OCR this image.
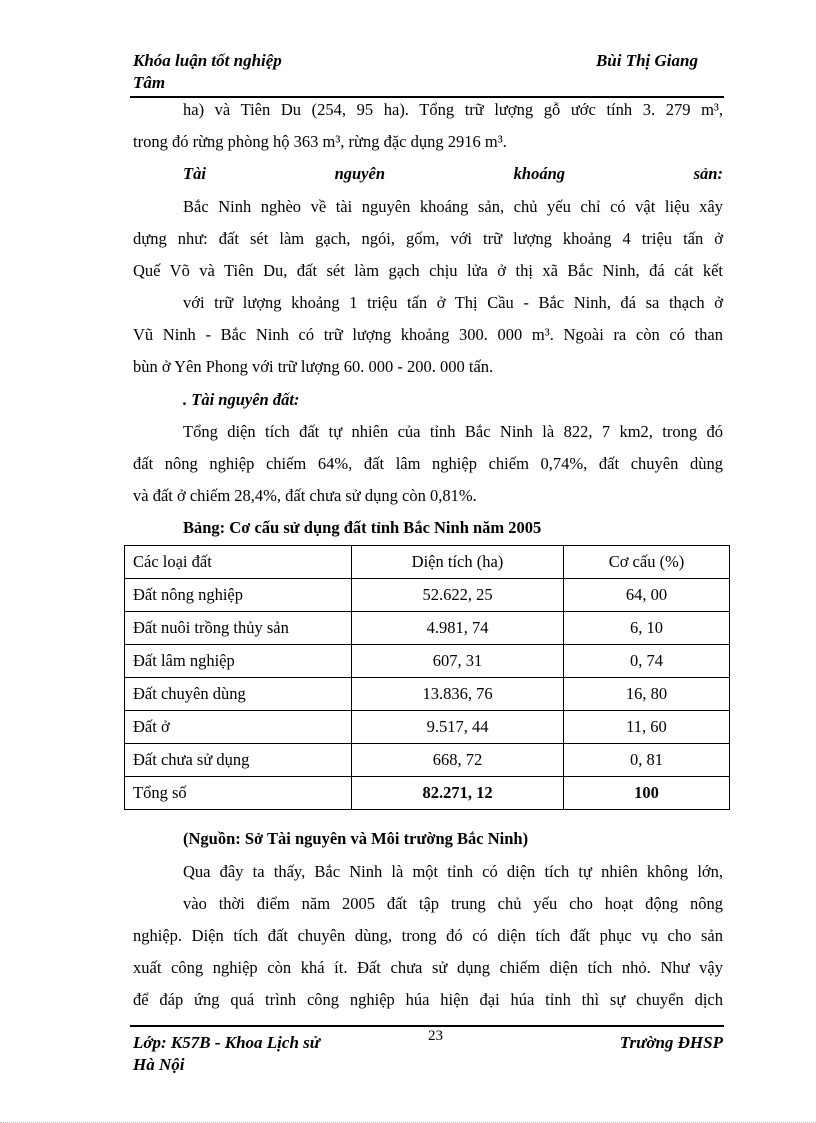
Khóa luận tốt nghiệp	Bùi Thị Giang
Tâm
ha) và Tiên Du (254, 95 ha). Tổng trữ lượng gỗ ước tính 3. 279 m³,
trong đó rừng phòng hộ 363 m³, rừng đặc dụng 2916 m³.
Tài	nguyên	khoáng	sản:
Bắc Ninh nghèo về tài nguyên khoáng sản, chủ yếu chỉ có vật liệu xây
dựng như: đất sét làm gạch, ngói, gốm, với trữ lượng khoảng 4 triệu tấn ở
Quế Võ và Tiên Du, đất sét làm gạch chịu lửa ở thị xã Bắc Ninh, đá cát kết
với trữ lượng khoảng 1 triệu tấn ở Thị Cầu - Bắc Ninh, đá sa thạch ở
Vũ Ninh - Bắc Ninh có trữ lượng khoảng 300. 000 m³. Ngoài ra còn có than
bùn ở Yên Phong với trữ lượng 60. 000 - 200. 000 tấn.
. Tài nguyên đất:
Tổng diện tích đất tự nhiên của tỉnh Bắc Ninh là 822, 7 km2, trong đó
đất nông nghiệp chiếm 64%, đất lâm nghiệp chiếm 0,74%, đất chuyên dùng
và đất ở chiếm 28,4%, đất chưa sử dụng còn 0,81%.
Bảng: Cơ cấu sử dụng đất tỉnh Bắc Ninh năm 2005
Các loại đất	Diện tích (ha)	Cơ cấu (%)
Đất nông nghiệp	52.622, 25	64, 00
Đất nuôi trồng thủy sản	4.981, 74	6, 10
Đất lâm nghiệp	607, 31	0, 74
Đất chuyên dùng	13.836, 76	16, 80
Đất ở	9.517, 44	11, 60
Đất chưa sử dụng	668, 72	0, 81
Tổng số	82.271, 12	100
(Nguồn: Sở Tài nguyên và Môi trường Bắc Ninh)
Qua đây ta thấy, Bắc Ninh là một tỉnh có diện tích tự nhiên không lớn,
vào thời điểm năm 2005 đất tập trung chủ yếu cho hoạt động nông
nghiệp. Diện tích đất chuyên dùng, trong đó có diện tích đất phục vụ cho sản
xuất công nghiệp còn khá ít. Đất chưa sử dụng chiếm diện tích nhỏ. Như vậy
để đáp ứng quá trình công nghiệp húa hiện đại húa tỉnh thì sự chuyển dịch
23
Lớp: K57B - Khoa Lịch sử
Hà Nội
Trường ĐHSP
